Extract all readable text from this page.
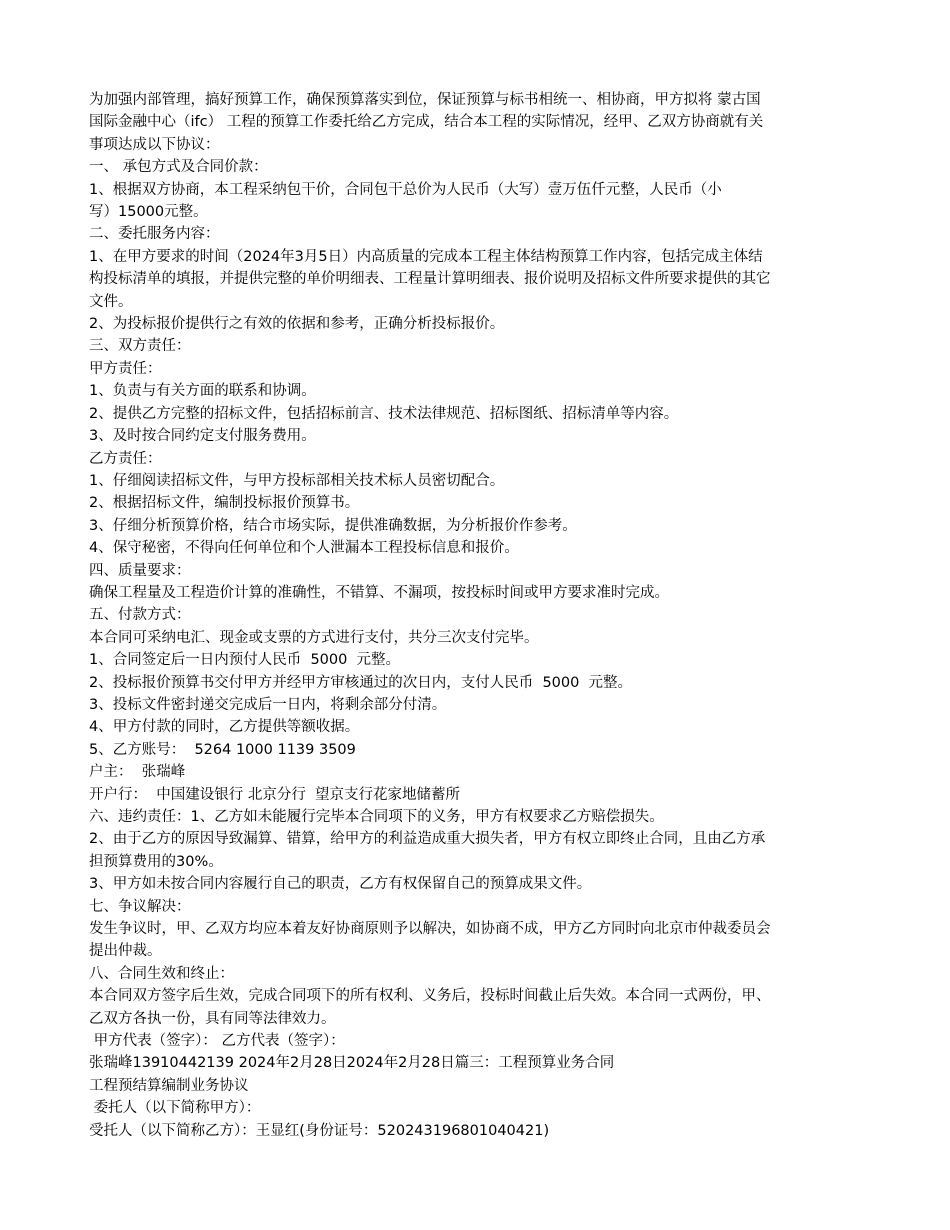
为加强内部管理，搞好预算工作，确保预算落实到位，保证预算与标书相统一、相协商，甲方拟将 蒙古国
国际金融中心（ifc） 工程的预算工作委托给乙方完成，结合本工程的实际情况，经甲、乙双方协商就有关
事项达成以下协议：
一、 承包方式及合同价款：
1、根据双方协商，本工程采纳包干价，合同包干总价为人民币（大写）壹万伍仟元整，人民币（小
写）15000元整。
二、委托服务内容：
1、在甲方要求的时间（2024年3月5日）内高质量的完成本工程主体结构预算工作内容，包括完成主体结
构投标清单的填报，并提供完整的单价明细表、工程量计算明细表、报价说明及招标文件所要求提供的其它
文件。
2、为投标报价提供行之有效的依据和参考，正确分析投标报价。
三、双方责任：
甲方责任：
1、负责与有关方面的联系和协调。
2、提供乙方完整的招标文件，包括招标前言、技术法律规范、招标图纸、招标清单等内容。
3、及时按合同约定支付服务费用。
乙方责任：
1、仔细阅读招标文件，与甲方投标部相关技术标人员密切配合。
2、根据招标文件，编制投标报价预算书。
3、仔细分析预算价格，结合市场实际，提供准确数据，为分析报价作参考。
4、保守秘密，不得向任何单位和个人泄漏本工程投标信息和报价。
四、质量要求：
确保工程量及工程造价计算的准确性，不错算、不漏项，按投标时间或甲方要求准时完成。
五、付款方式：
本合同可采纳电汇、现金或支票的方式进行支付，共分三次支付完毕。
1、合同签定后一日内预付人民币  5000  元整。
2、投标报价预算书交付甲方并经甲方审核通过的次日内，支付人民币  5000  元整。
3、投标文件密封递交完成后一日内，将剩余部分付清。
4、甲方付款的同时，乙方提供等额收据。
5、乙方账号：  5264 1000 1139 3509
户主：  张瑞峰
开户行：  中国建设银行 北京分行  望京支行花家地储蓄所
六、违约责任：1、乙方如未能履行完毕本合同项下的义务，甲方有权要求乙方赔偿损失。
2、由于乙方的原因导致漏算、错算，给甲方的利益造成重大损失者，甲方有权立即终止合同，且由乙方承
担预算费用的30%。
3、甲方如未按合同内容履行自己的职责，乙方有权保留自己的预算成果文件。
七、争议解决：
发生争议时，甲、乙双方均应本着友好协商原则予以解决，如协商不成，甲方乙方同时向北京市仲裁委员会
提出仲裁。
八、合同生效和终止：
本合同双方签字后生效，完成合同项下的所有权利、义务后，投标时间截止后失效。本合同一式两份，甲、
乙双方各执一份，具有同等法律效力。
甲方代表（签字）： 乙方代表（签字）：
张瑞峰13910442139 2024年2月28日2024年2月28日篇三：工程预算业务合同
工程预结算编制业务协议
委托人（以下简称甲方）：
受托人（以下简称乙方）：王显红(身份证号：520243196801040421)
